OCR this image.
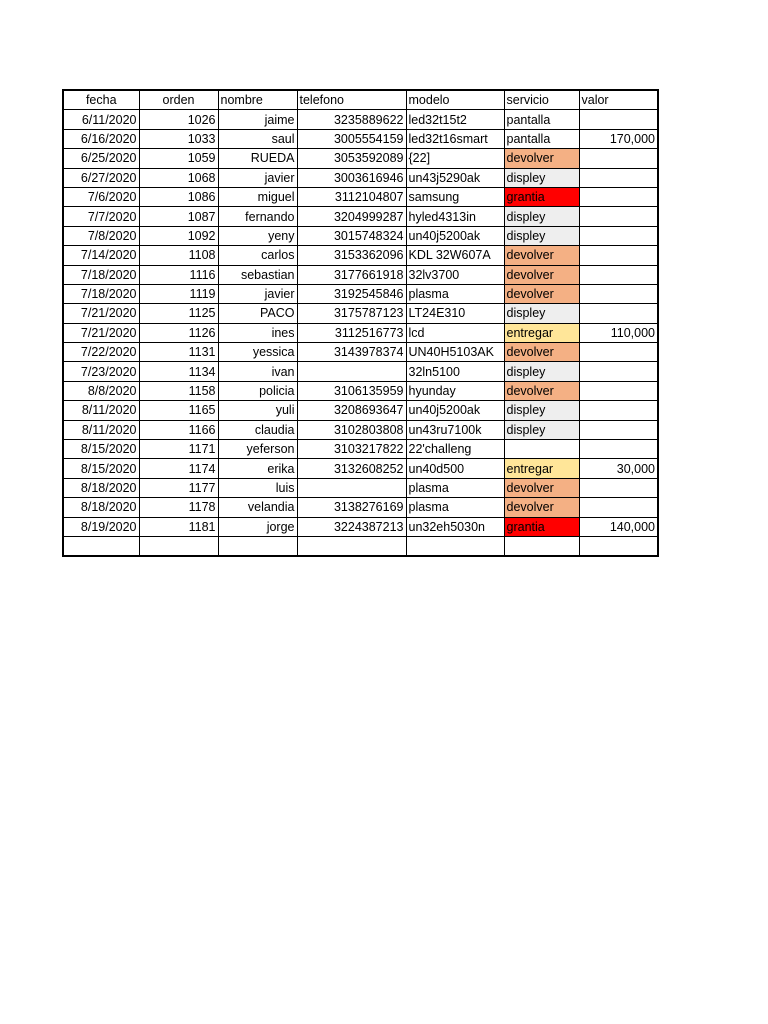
fecha	orden	nombre	telefono	modelo	servicio	valor
6/11/2020	1026	jaime	3235889622	led32t15t2	pantalla	
6/16/2020	1033	saul	3005554159	led32t16smart	pantalla	170,000
6/25/2020	1059	RUEDA	3053592089	{22]	devolver	
6/27/2020	1068	javier	3003616946	un43j5290ak	displey	
7/6/2020	1086	miguel	3112104807	samsung	grantia	
7/7/2020	1087	fernando	3204999287	hyled4313in	displey	
7/8/2020	1092	yeny	3015748324	un40j5200ak	displey	
7/14/2020	1108	carlos	3153362096	KDL 32W607A	devolver	
7/18/2020	1116	sebastian	3177661918	32lv3700	devolver	
7/18/2020	1119	javier	3192545846	plasma	devolver	
7/21/2020	1125	PACO	3175787123	LT24E310	displey	
7/21/2020	1126	ines	3112516773	lcd	entregar	110,000
7/22/2020	1131	yessica	3143978374	UN40H5103AK	devolver	
7/23/2020	1134	ivan		32ln5100	displey	
8/8/2020	1158	policia	3106135959	hyunday	devolver	
8/11/2020	1165	yuli	3208693647	un40j5200ak	displey	
8/11/2020	1166	claudia	3102803808	un43ru7100k	displey	
8/15/2020	1171	yeferson	3103217822	22'challeng		
8/15/2020	1174	erika	3132608252	un40d500	entregar	30,000
8/18/2020	1177	luis		plasma	devolver	
8/18/2020	1178	velandia	3138276169	plasma	devolver	
8/19/2020	1181	jorge	3224387213	un32eh5030n	grantia	140,000
